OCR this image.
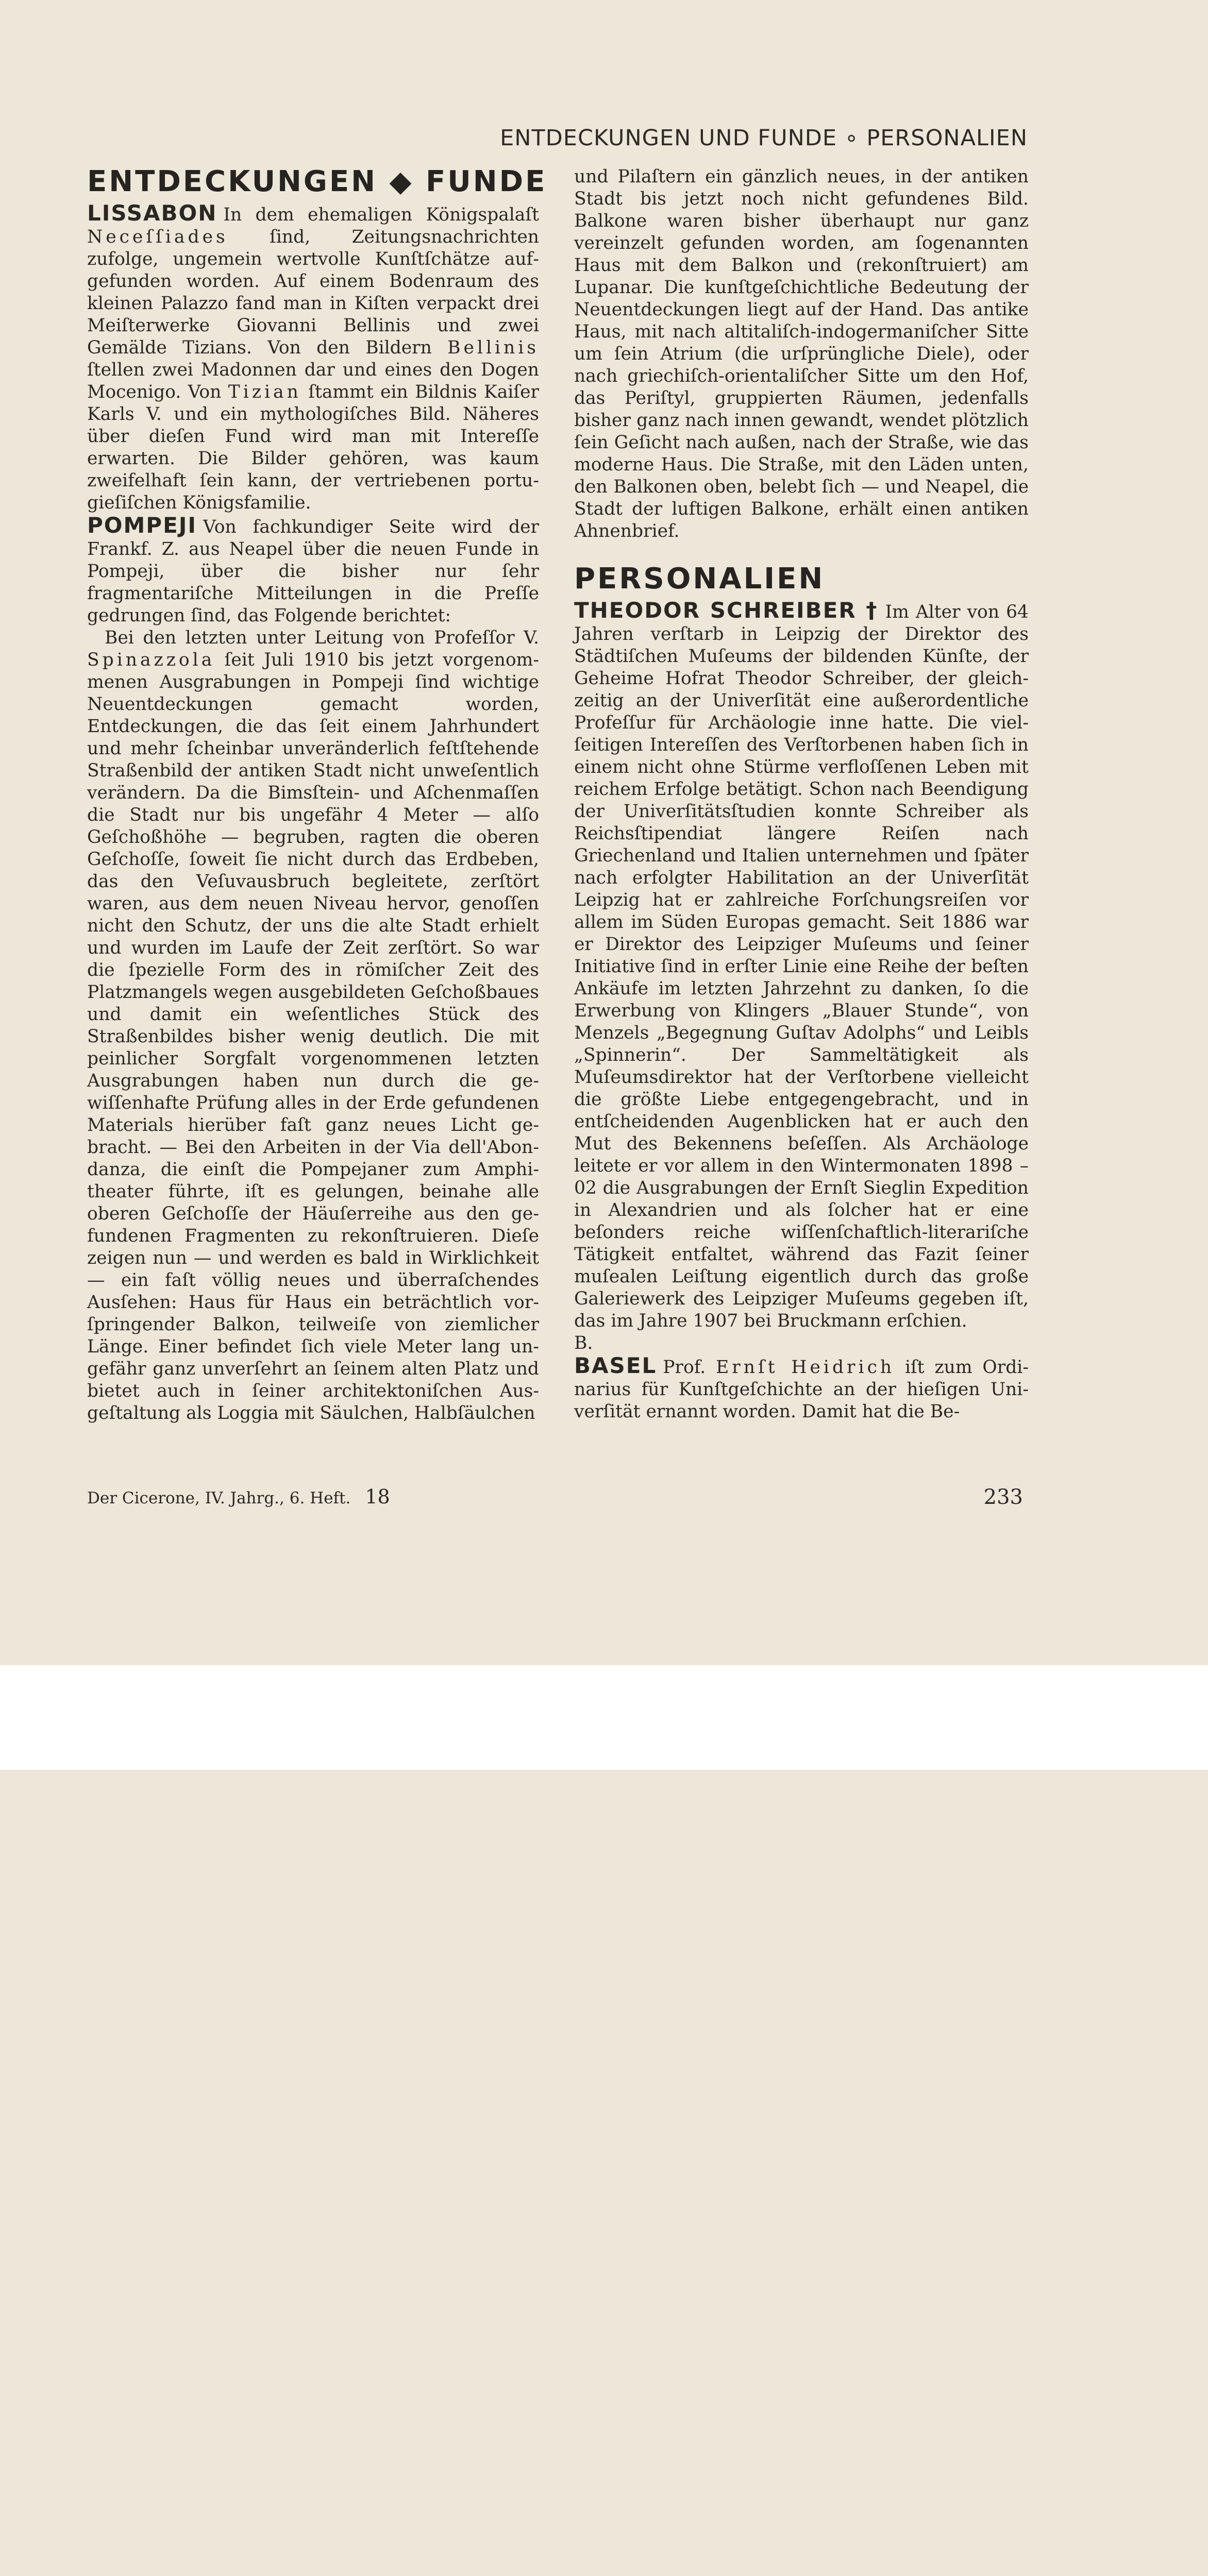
ENTDECKUNGEN UND FUNDE ∘ PERSONALIEN
ENTDECKUNGEN ◆ FUNDE

LISSABON In dem ehemaligen Königspalaſt Neceſſiades ſind, Zeitungsnachrichten zufolge, ungemein wertvolle Kunſtſchätze aufgefunden worden. Auf einem Bodenraum des kleinen Palazzo fand man in Kiſten verpackt drei Meiſterwerke Giovanni Bellinis und zwei Gemälde Tizians. Von den Bildern Bellinis ſtellen zwei Madonnen dar und eines den Dogen Mocenigo. Von Tizian ſtammt ein Bildnis Kaiſer Karls V. und ein mythologiſches Bild. Näheres über dieſen Fund wird man mit Intereſſe erwarten. Die Bilder gehören, was kaum zweifelhaft ſein kann, der vertriebenen portugieſiſchen Königsfamilie.

POMPEJI Von fachkundiger Seite wird der Frankf. Z. aus Neapel über die neuen Funde in Pompeji, über die bisher nur ſehr fragmentariſche Mitteilungen in die Preſſe gedrungen ſind, das Folgende berichtet:

Bei den letzten unter Leitung von Profeſſor V. Spinazzola ſeit Juli 1910 bis jetzt vorgenommenen Ausgrabungen in Pompeji ſind wichtige Neuentdeckungen gemacht worden, Entdeckungen, die das ſeit einem Jahrhundert und mehr ſcheinbar unveränderlich feſtſtehende Straßenbild der antiken Stadt nicht unweſentlich verändern. Da die Bimsſtein- und Aſchenmaſſen die Stadt nur bis ungefähr 4 Meter — alſo Geſchoßhöhe — begruben, ragten die oberen Geſchoſſe, ſoweit ſie nicht durch das Erdbeben, das den Veſuvausbruch begleitete, zerſtört waren, aus dem neuen Niveau hervor, genoſſen nicht den Schutz, der uns die alte Stadt erhielt und wurden im Laufe der Zeit zerſtört. So war die ſpezielle Form des in römiſcher Zeit des Platzmangels wegen ausgebildeten Geſchoßbaues und damit ein weſentliches Stück des Straßenbildes bisher wenig deutlich. Die mit peinlicher Sorgfalt vorgenommenen letzten Ausgrabungen haben nun durch die gewiſſenhafte Prüfung alles in der Erde gefundenen Materials hierüber faſt ganz neues Licht gebracht. — Bei den Arbeiten in der Via dell'Abondanza, die einſt die Pompejaner zum Amphitheater führte, iſt es gelungen, beinahe alle oberen Geſchoſſe der Häuſerreihe aus den gefundenen Fragmenten zu rekonſtruieren. Dieſe zeigen nun — und werden es bald in Wirklichkeit — ein faſt völlig neues und überraſchendes Ausſehen: Haus für Haus ein beträchtlich vorſpringender Balkon, teilweiſe von ziemlicher Länge. Einer befindet ſich viele Meter lang ungefähr ganz unverſehrt an ſeinem alten Platz und bietet auch in ſeiner architektoniſchen Ausgeſtaltung als Loggia mit Säulchen, Halbſäulchen

und Pilaſtern ein gänzlich neues, in der antiken Stadt bis jetzt noch nicht gefundenes Bild. Balkone waren bisher überhaupt nur ganz vereinzelt gefunden worden, am ſogenannten Haus mit dem Balkon und (rekonſtruiert) am Lupanar. Die kunſtgeſchichtliche Bedeutung der Neuentdeckungen liegt auf der Hand. Das antike Haus, mit nach altitaliſch-indogermaniſcher Sitte um ſein Atrium (die urſprüngliche Diele), oder nach griechiſch-orientaliſcher Sitte um den Hof, das Periſtyl, gruppierten Räumen, jedenfalls bisher ganz nach innen gewandt, wendet plötzlich ſein Geſicht nach außen, nach der Straße, wie das moderne Haus. Die Straße, mit den Läden unten, den Balkonen oben, belebt ſich — und Neapel, die Stadt der luftigen Balkone, erhält einen antiken Ahnenbrief.

PERSONALIEN

THEODOR SCHREIBER † Im Alter von 64 Jahren verſtarb in Leipzig der Direktor des Städtiſchen Muſeums der bildenden Künſte, der Geheime Hofrat Theodor Schreiber, der gleichzeitig an der Univerſität eine außerordentliche Profeſſur für Archäologie inne hatte. Die vielſeitigen Intereſſen des Verſtorbenen haben ſich in einem nicht ohne Stürme verfloſſenen Leben mit reichem Erfolge betätigt. Schon nach Beendigung der Univerſitätsſtudien konnte Schreiber als Reichsſtipendiat längere Reiſen nach Griechenland und Italien unternehmen und ſpäter nach erfolgter Habilitation an der Univerſität Leipzig hat er zahlreiche Forſchungsreiſen vor allem im Süden Europas gemacht. Seit 1886 war er Direktor des Leipziger Muſeums und ſeiner Initiative ſind in erſter Linie eine Reihe der beſten Ankäufe im letzten Jahrzehnt zu danken, ſo die Erwerbung von Klingers „Blauer Stunde“, von Menzels „Begegnung Guſtav Adolphs“ und Leibls „Spinnerin“. Der Sammeltätigkeit als Muſeumsdirektor hat der Verſtorbene vielleicht die größte Liebe entgegengebracht, und in entſcheidenden Augenblicken hat er auch den Mut des Bekennens beſeſſen. Als Archäologe leitete er vor allem in den Wintermonaten 1898 – 02 die Ausgrabungen der Ernſt Sieglin Expedition in Alexandrien und als ſolcher hat er eine beſonders reiche wiſſenſchaftlich-literariſche Tätigkeit entfaltet, während das Fazit ſeiner muſealen Leiſtung eigentlich durch das große Galeriewerk des Leipziger Muſeums gegeben iſt, das im Jahre 1907 bei Bruckmann erſchien.

B.

BASEL Prof. Ernſt Heidrich iſt zum Ordinarius für Kunſtgeſchichte an der hieſigen Univerſität ernannt worden. Damit hat die Be-

Der Cicerone, IV. Jahrg., 6. Heft. 18	233
